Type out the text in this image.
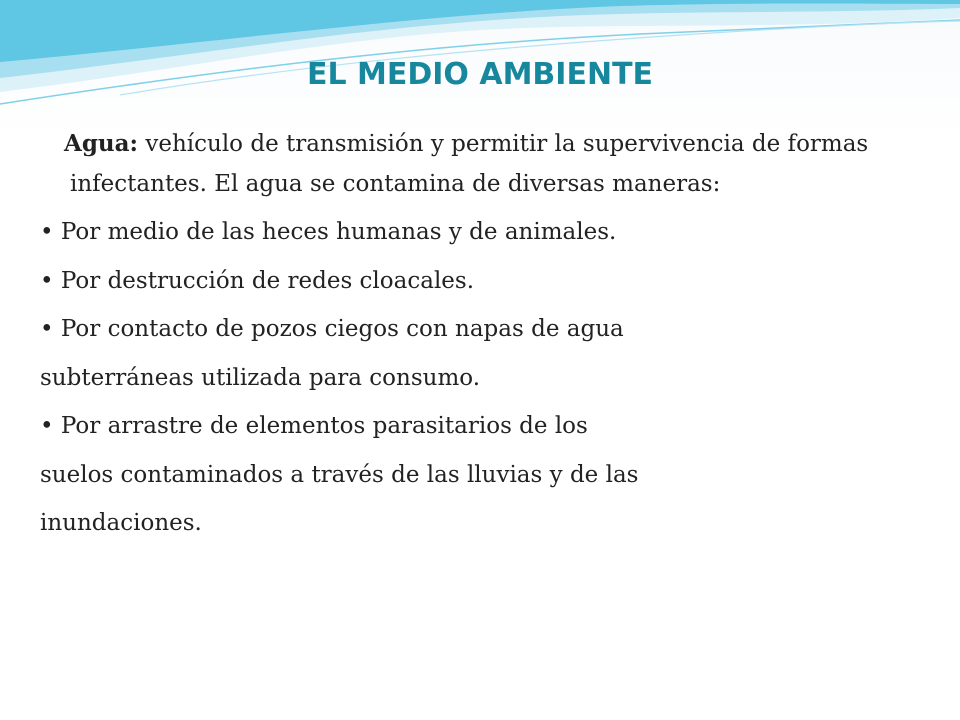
EL MEDIO AMBIENTE

Agua: vehículo de transmisión y permitir la supervivencia de formas infectantes. El agua se contamina de diversas maneras:

• Por medio de las heces humanas y de animales.
• Por destrucción de redes cloacales.
• Por contacto de pozos ciegos con napas de agua
subterráneas utilizada para consumo.
• Por arrastre de elementos parasitarios de los
suelos contaminados a través de las lluvias y de las
inundaciones.
